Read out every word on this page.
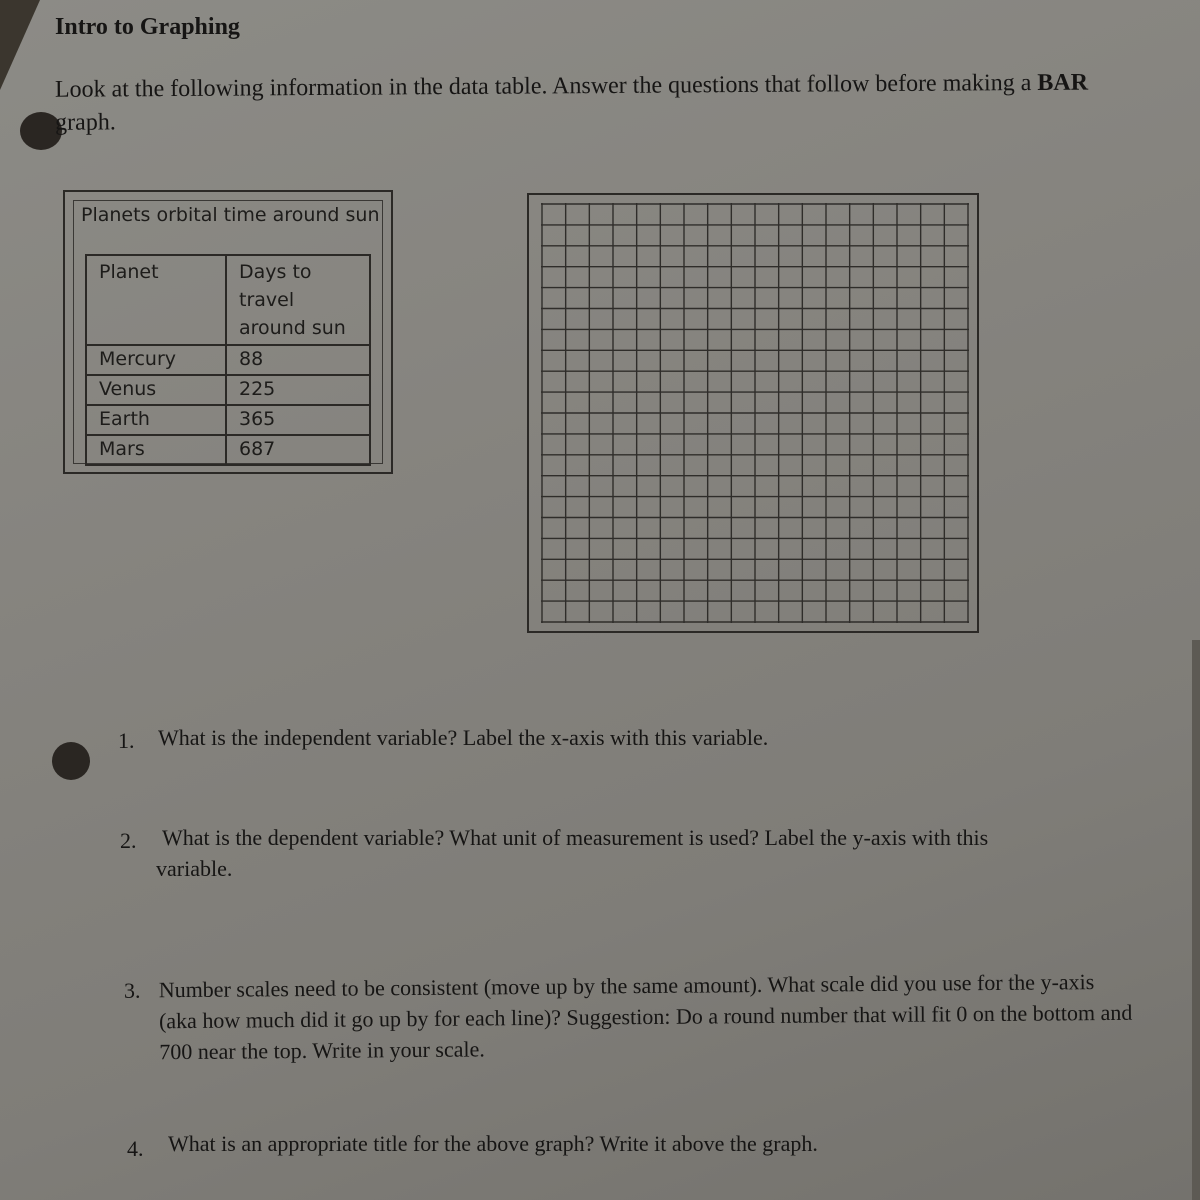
Intro to Graphing
Look at the following information in the data table. Answer the questions that follow before making a BAR graph.
Planets orbital time around sun
Planet	Days to
travel
around sun

Mercury	88
Venus	225
Earth	365
Mars	687
1. What is the independent variable? Label the x-axis with this variable.
2. What is the dependent variable? What unit of measurement is used? Label the y-axis with this variable.
3. Number scales need to be consistent (move up by the same amount). What scale did you use for the y-axis (aka how much did it go up by for each line)? Suggestion: Do a round number that will fit 0 on the bottom and 700 near the top. Write in your scale.
4. What is an appropriate title for the above graph? Write it above the graph.
